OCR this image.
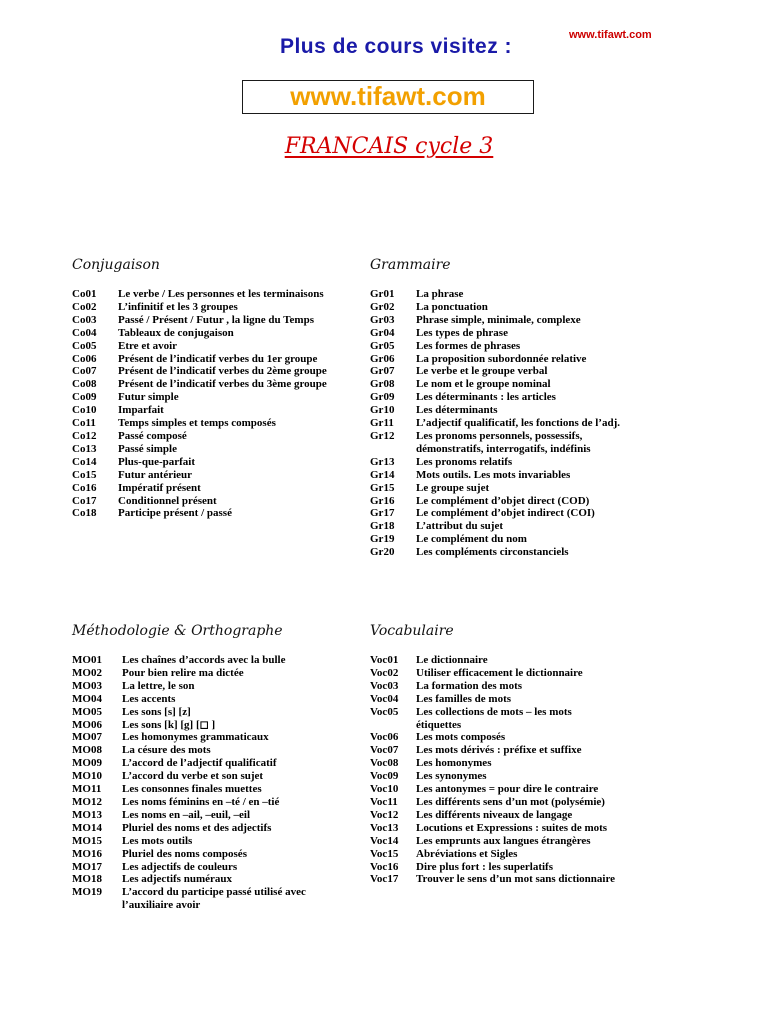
www.tifawt.com
Plus de cours visitez :
www.tifawt.com
FRANCAIS cycle 3
Conjugaison
Co01	Le verbe / Les personnes et les terminaisons
Co02	L’infinitif et les 3 groupes
Co03	Passé / Présent / Futur , la ligne du Temps
Co04	Tableaux de conjugaison
Co05	Etre et avoir
Co06	Présent de l’indicatif verbes du 1er groupe
Co07	Présent de l’indicatif verbes du 2ème groupe
Co08	Présent de l’indicatif verbes du 3ème groupe
Co09	Futur simple
Co10	Imparfait
Co11	Temps simples et temps composés
Co12	Passé composé
Co13	Passé simple
Co14	Plus-que-parfait
Co15	Futur antérieur
Co16	Impératif présent
Co17	Conditionnel présent
Co18	Participe présent / passé
Grammaire
Gr01	La phrase
Gr02	La ponctuation
Gr03	Phrase simple, minimale, complexe
Gr04	Les types de phrase
Gr05	Les formes de phrases
Gr06	La proposition subordonnée relative
Gr07	Le verbe et le groupe verbal
Gr08	Le nom et le groupe nominal
Gr09	Les déterminants : les articles
Gr10	Les déterminants
Gr11	L’adjectif qualificatif, les fonctions de l’adj.
Gr12	Les pronoms personnels, possessifs,
démonstratifs, interrogatifs, indéfinis
Gr13	Les pronoms relatifs
Gr14	Mots outils. Les mots invariables
Gr15	Le groupe sujet
Gr16	Le complément d’objet direct (COD)
Gr17	Le complément d’objet indirect (COI)
Gr18	L’attribut du sujet
Gr19	Le complément du nom
Gr20	Les compléments circonstanciels
Méthodologie & Orthographe
MO01	Les chaînes d’accords avec la bulle
MO02	Pour bien relire ma dictée
MO03	La lettre, le son
MO04	Les accents
MO05	Les sons [s] [z]
MO06	Les sons [k] [g] [◻ ]
MO07	Les homonymes grammaticaux
MO08	La césure des mots
MO09	L’accord de l’adjectif qualificatif
MO10	L’accord du verbe et son sujet
MO11	Les consonnes finales muettes
MO12	Les noms féminins en –té / en –tié
MO13	Les noms en –ail, –euil, –eil
MO14	Pluriel des noms et des adjectifs
MO15	Les mots outils
MO16	Pluriel des noms composés
MO17	Les adjectifs de couleurs
MO18	Les adjectifs numéraux
MO19	L’accord du participe passé utilisé avec
l’auxiliaire avoir
Vocabulaire
Voc01	Le dictionnaire
Voc02	Utiliser efficacement le dictionnaire
Voc03	La formation des mots
Voc04	Les familles de mots
Voc05	Les collections de mots – les mots
étiquettes
Voc06	Les mots composés
Voc07	Les mots dérivés : préfixe et suffixe
Voc08	Les homonymes
Voc09	Les synonymes
Voc10	Les antonymes = pour dire le contraire
Voc11	Les différents sens d’un mot (polysémie)
Voc12	Les différents niveaux de langage
Voc13	Locutions et Expressions : suites de mots
Voc14	Les emprunts aux langues étrangères
Voc15	Abréviations et Sigles
Voc16	Dire plus fort : les superlatifs
Voc17	Trouver le sens d’un mot sans dictionnaire
